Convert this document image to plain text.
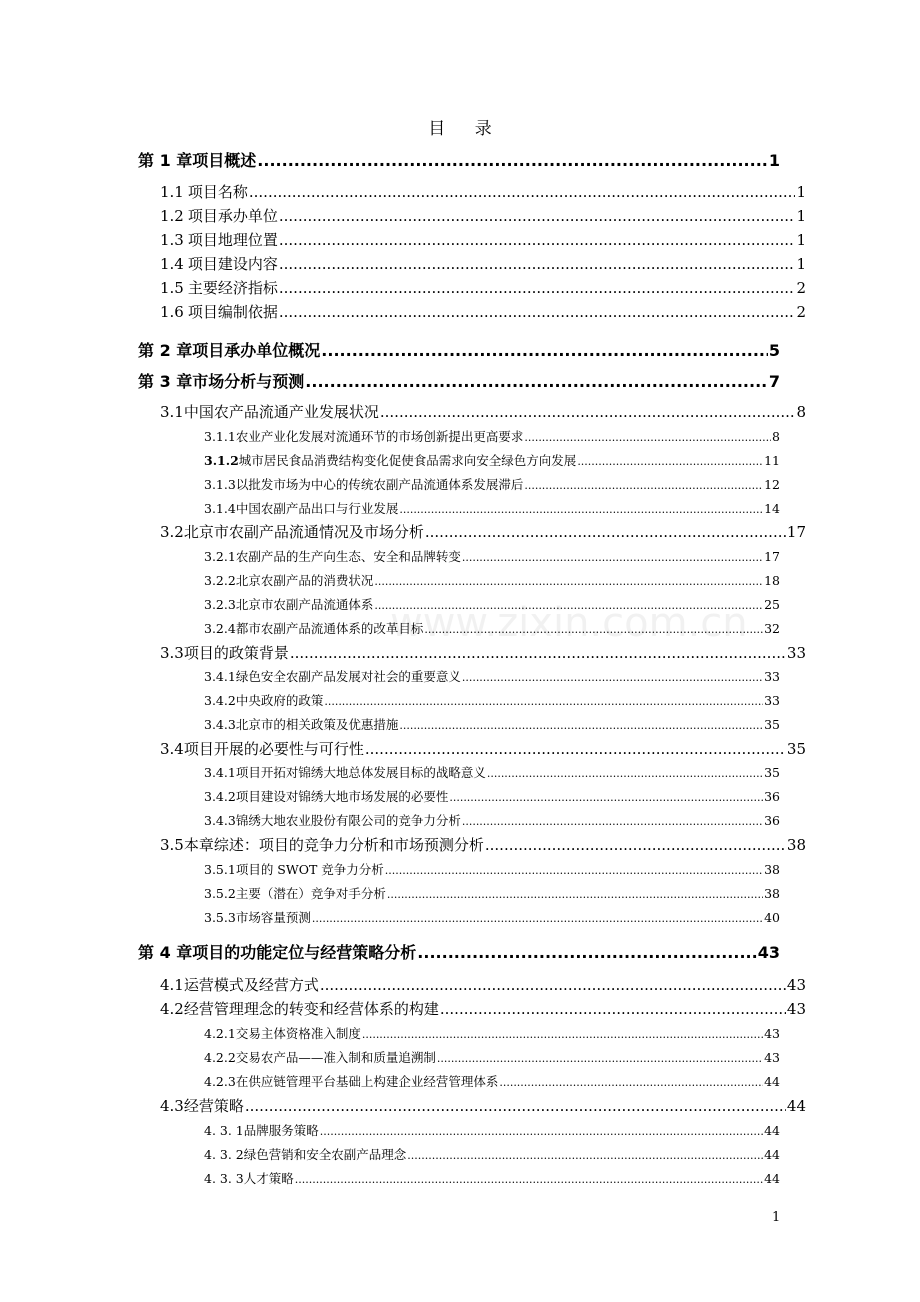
目 录
www.zixin.com.cn
第 1 章 项目概述 .....	1
1.1 项目名称 .....	1
1.2 项目承办单位 .....	1
1.3 项目地理位置 .....	1
1.4 项目建设内容 .....	1
1.5 主要经济指标 .....	2
1.6 项目编制依据 .....	2
第 2 章 项目承办单位概况 .....	5
第 3 章 市场分析与预测 .....	7
3.1 中国农产品流通产业发展状况 .....	8
3.1.1 农业产业化发展对流通环节的市场创新提出更高要求 .....	8
3.1.2 城市居民食品消费结构变化促使食品需求向安全绿色方向发展 .....	11
3.1.3 以批发市场为中心的传统农副产品流通体系发展滞后 .....	12
3.1.4 中国农副产品出口与行业发展 .....	14
3.2 北京市农副产品流通情况及市场分析 .....	17
3.2.1 农副产品的生产向生态、安全和品牌转变 .....	17
3.2.2 北京农副产品的消费状况 .....	18
3.2.3 北京市农副产品流通体系 .....	25
3.2.4 都市农副产品流通体系的改革目标 .....	32
3.3 项目的政策背景 .....	33
3.4.1 绿色安全农副产品发展对社会的重要意义 .....	33
3.4.2 中央政府的政策 .....	33
3.4.3 北京市的相关政策及优惠措施 .....	35
3.4 项目开展的必要性与可行性 .....	35
3.4.1 项目开拓对锦绣大地总体发展目标的战略意义 .....	35
3.4.2 项目建设对锦绣大地市场发展的必要性 .....	36
3.4.3 锦绣大地农业股份有限公司的竞争力分析 .....	36
3.5 本章综述：项目的竞争力分析和市场预测分析 .....	38
3.5.1 项目的 SWOT 竞争力分析 .....	38
3.5.2 主要（潜在）竞争对手分析 .....	38
3.5.3 市场容量预测 .....	40
第 4 章 项目的功能定位与经营策略分析 .....	43
4.1 运营模式及经营方式 .....	43
4.2 经营管理理念的转变和经营体系的构建 .....	43
4.2.1 交易主体资格准入制度 .....	43
4.2.2 交易农产品——准入制和质量追溯制 .....	43
4.2.3 在供应链管理平台基础上构建企业经营管理体系 .....	44
4.3 经营策略 .....	44
4. 3. 1 品牌服务策略 .....	44
4. 3. 2 绿色营销和安全农副产品理念 .....	44
4. 3. 3 人才策略 .....	44
1
